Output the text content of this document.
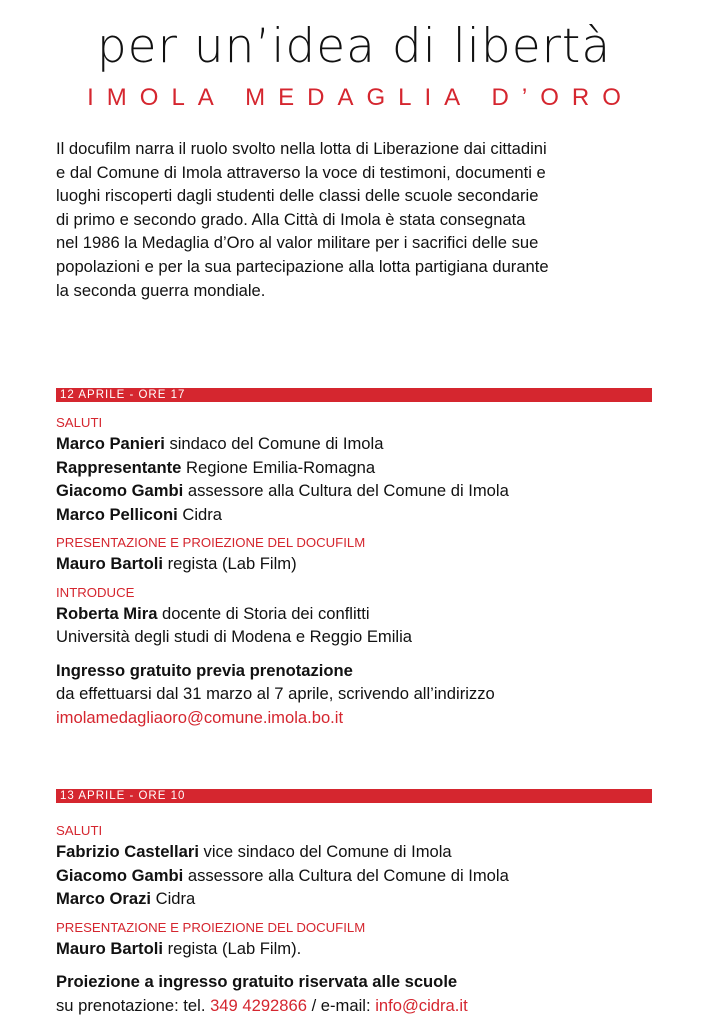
per un’idea di libertà
IMOLA MEDAGLIA D’ORO

Il docufilm narra il ruolo svolto nella lotta di Liberazione dai cittadini
e dal Comune di Imola attraverso la voce di testimoni, documenti e
luoghi riscoperti dagli studenti delle classi delle scuole secondarie
di primo e secondo grado. Alla Città di Imola è stata consegnata
nel 1986 la Medaglia d’Oro al valor militare per i sacrifici delle sue
popolazioni e per la sua partecipazione alla lotta partigiana durante
la seconda guerra mondiale.

12 APRILE - ORE 17

SALUTI

Marco Panieri sindaco del Comune di Imola

Rappresentante Regione Emilia-Romagna

Giacomo Gambi assessore alla Cultura del Comune di Imola

Marco Pelliconi Cidra

PRESENTAZIONE E PROIEZIONE DEL DOCUFILM

Mauro Bartoli regista (Lab Film)

INTRODUCE

Roberta Mira docente di Storia dei conflitti

Università degli studi di Modena e Reggio Emilia

Ingresso gratuito previa prenotazione

da effettuarsi dal 31 marzo al 7 aprile, scrivendo all’indirizzo

imolamedagliaoro@comune.imola.bo.it

13 APRILE - ORE 10

SALUTI

Fabrizio Castellari vice sindaco del Comune di Imola

Giacomo Gambi assessore alla Cultura del Comune di Imola

Marco Orazi Cidra

PRESENTAZIONE E PROIEZIONE DEL DOCUFILM

Mauro Bartoli regista (Lab Film).

Proiezione a ingresso gratuito riservata alle scuole

su prenotazione: tel. 349 4292866 / e-mail: info@cidra.it
